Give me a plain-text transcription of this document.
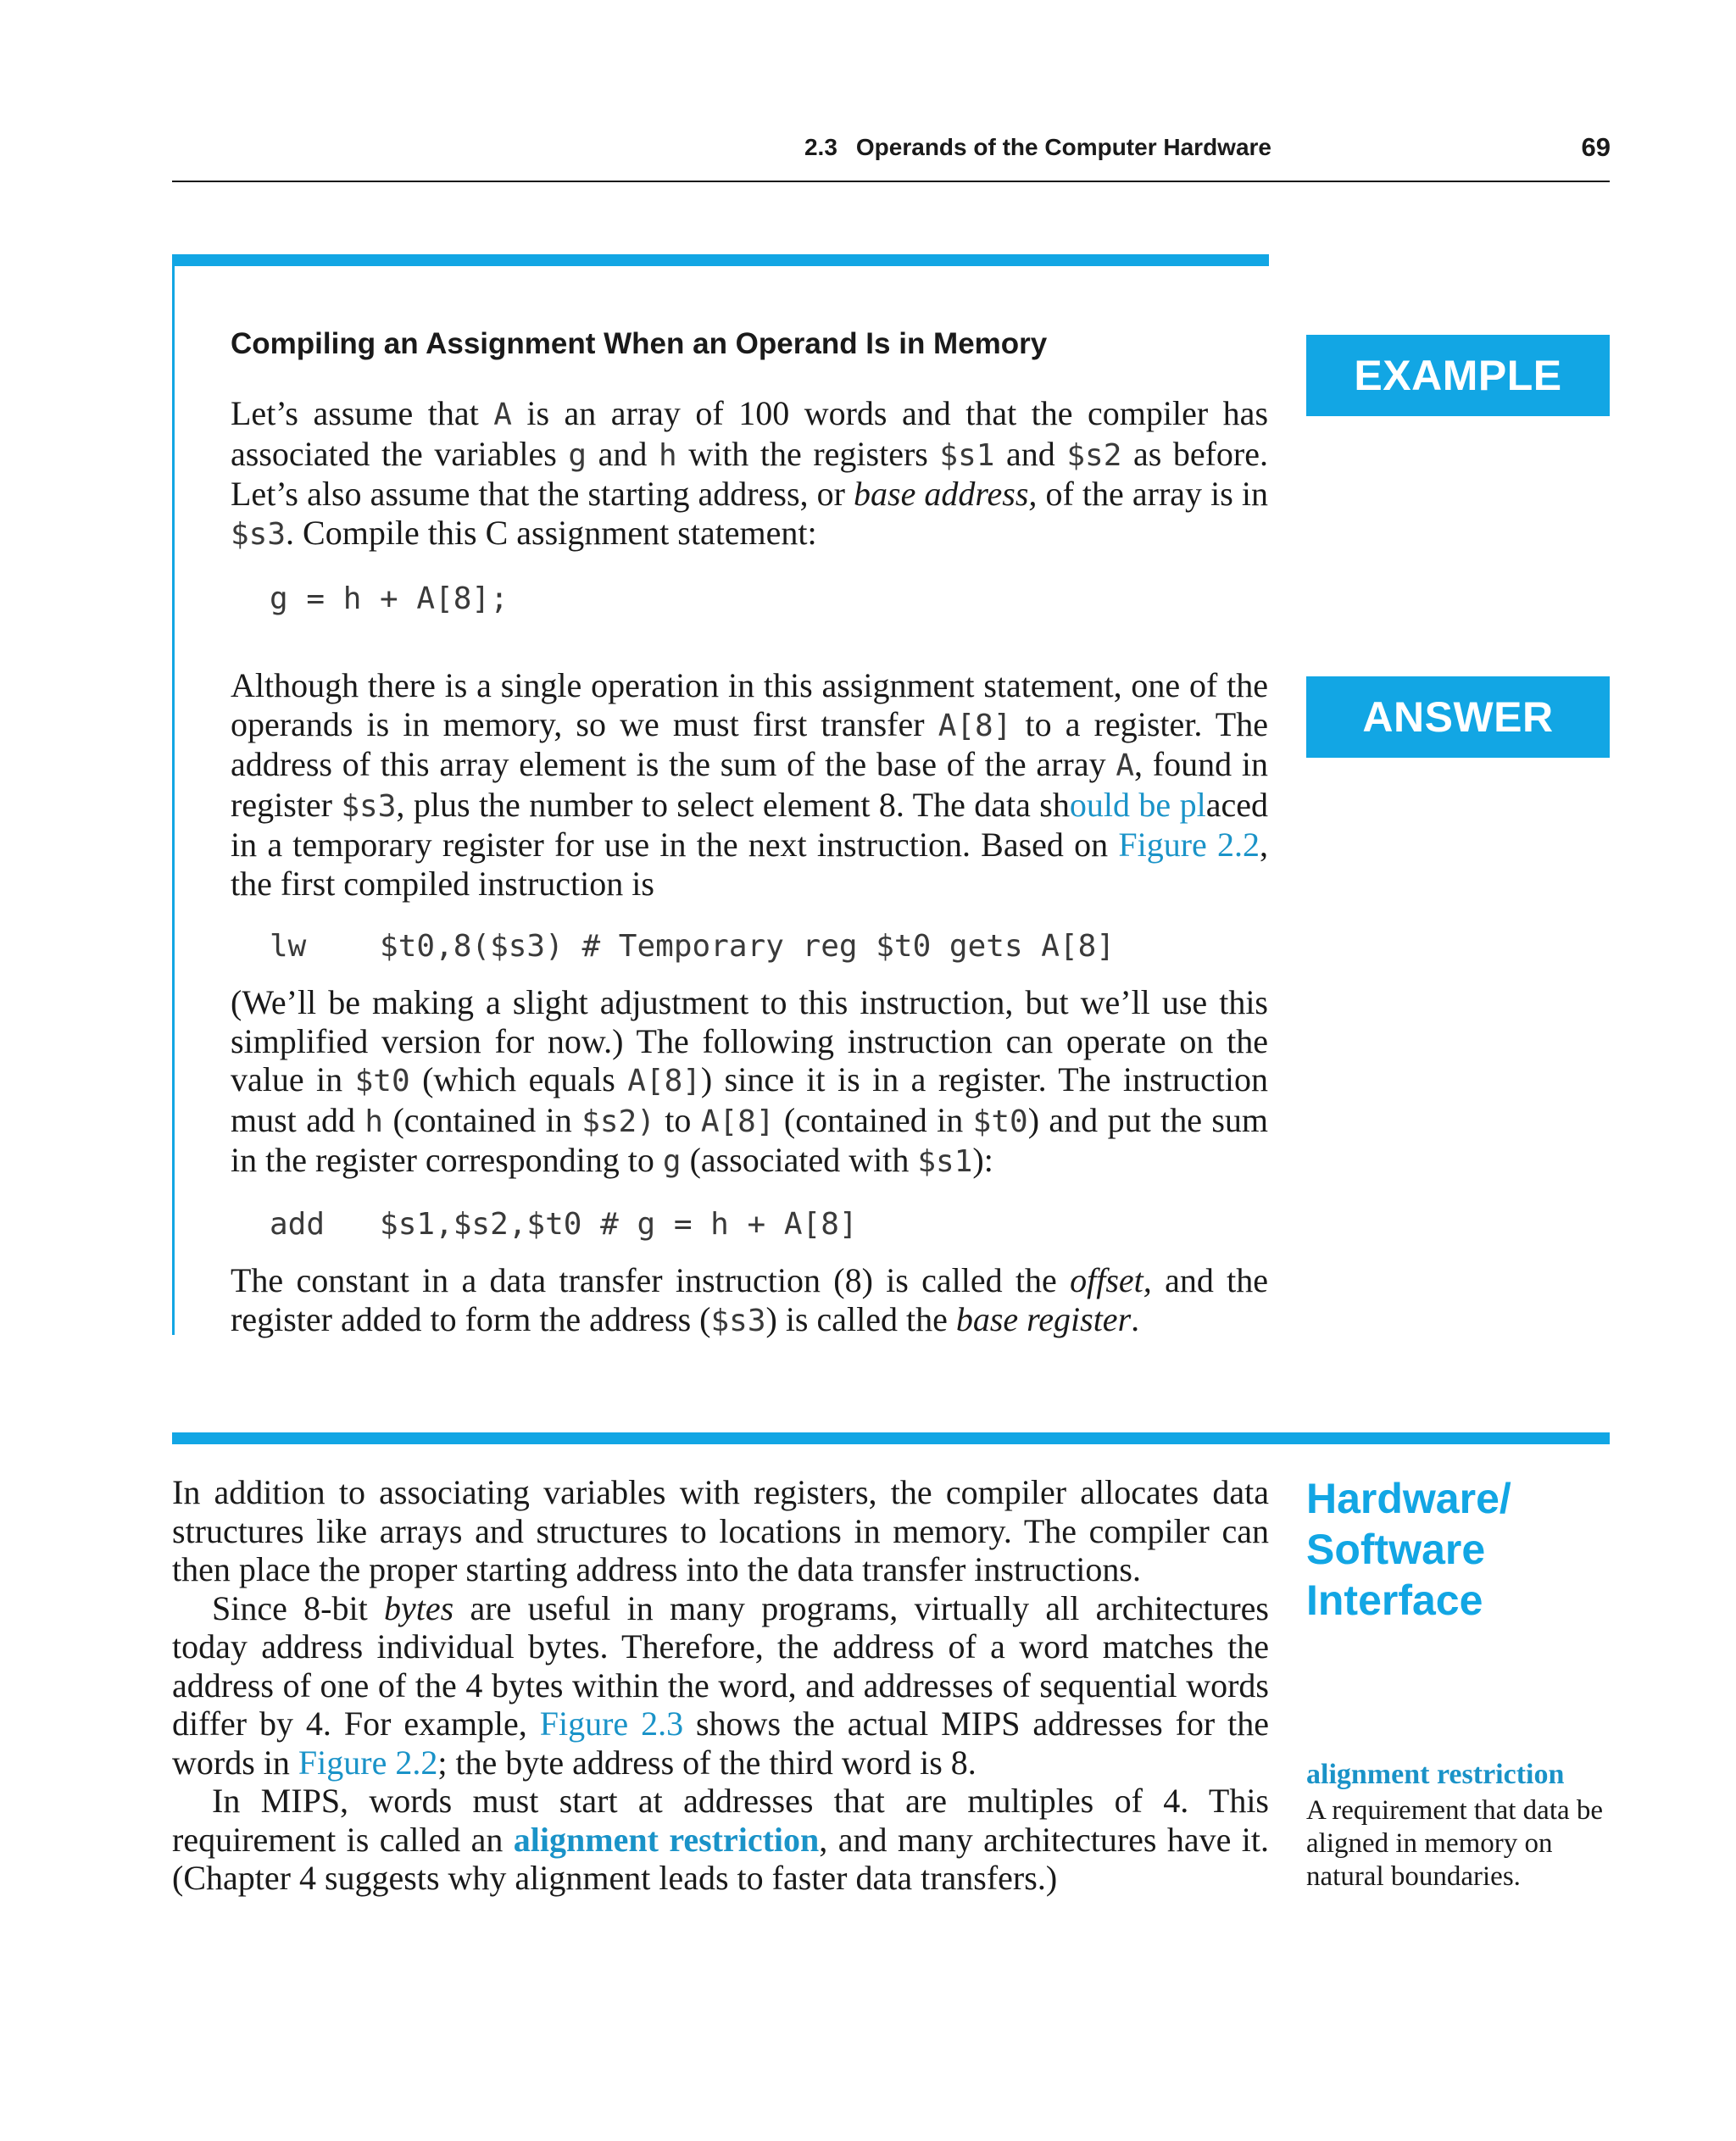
2.3 Operands of the Computer Hardware	69
EXAMPLE
ANSWER
Compiling an Assignment When an Operand Is in Memory
Let’s assume that A is an array of 100 words and that the compiler has associated the variables g and h with the registers $s1 and $s2 as before. Let’s also assume that the starting address, or base address, of the array is in $s3. Compile this C assignment statement:
g = h + A[8];
Although there is a single operation in this assignment statement, one of the operands is in memory, so we must first transfer A[8] to a register. The address of this array element is the sum of the base of the array A, found in register $s3, plus the number to select element 8. The data should be placed in a temporary register for use in the next instruction. Based on Figure 2.2, the first compiled instruction is
lw    $t0,8($s3) # Temporary reg $t0 gets A[8]
(We’ll be making a slight adjustment to this instruction, but we’ll use this simplified version for now.) The following instruction can operate on the value in $t0 (which equals A[8]) since it is in a register. The instruction must add h (contained in $s2) to A[8] (contained in $t0) and put the sum in the register corresponding to g (associated with $s1):
add   $s1,$s2,$t0 # g = h + A[8]
The constant in a data transfer instruction (8) is called the offset, and the register added to form the address ($s3) is called the base register.
Hardware/
Software
Interface

In addition to associating variables with registers, the compiler allocates data structures like arrays and structures to locations in memory. The compiler can then place the proper starting address into the data transfer instructions.

Since 8-bit bytes are useful in many programs, virtually all architectures today address individual bytes. Therefore, the address of a word matches the address of one of the 4 bytes within the word, and addresses of sequential words differ by 4. For example, Figure 2.3 shows the actual MIPS addresses for the words in Figure 2.2; the byte address of the third word is 8.

In MIPS, words must start at addresses that are multiples of 4. This requirement is called an alignment restriction, and many architectures have it. (Chapter 4 suggests why alignment leads to faster data transfers.)

alignment restriction
A requirement that data be aligned in memory on natural boundaries.
